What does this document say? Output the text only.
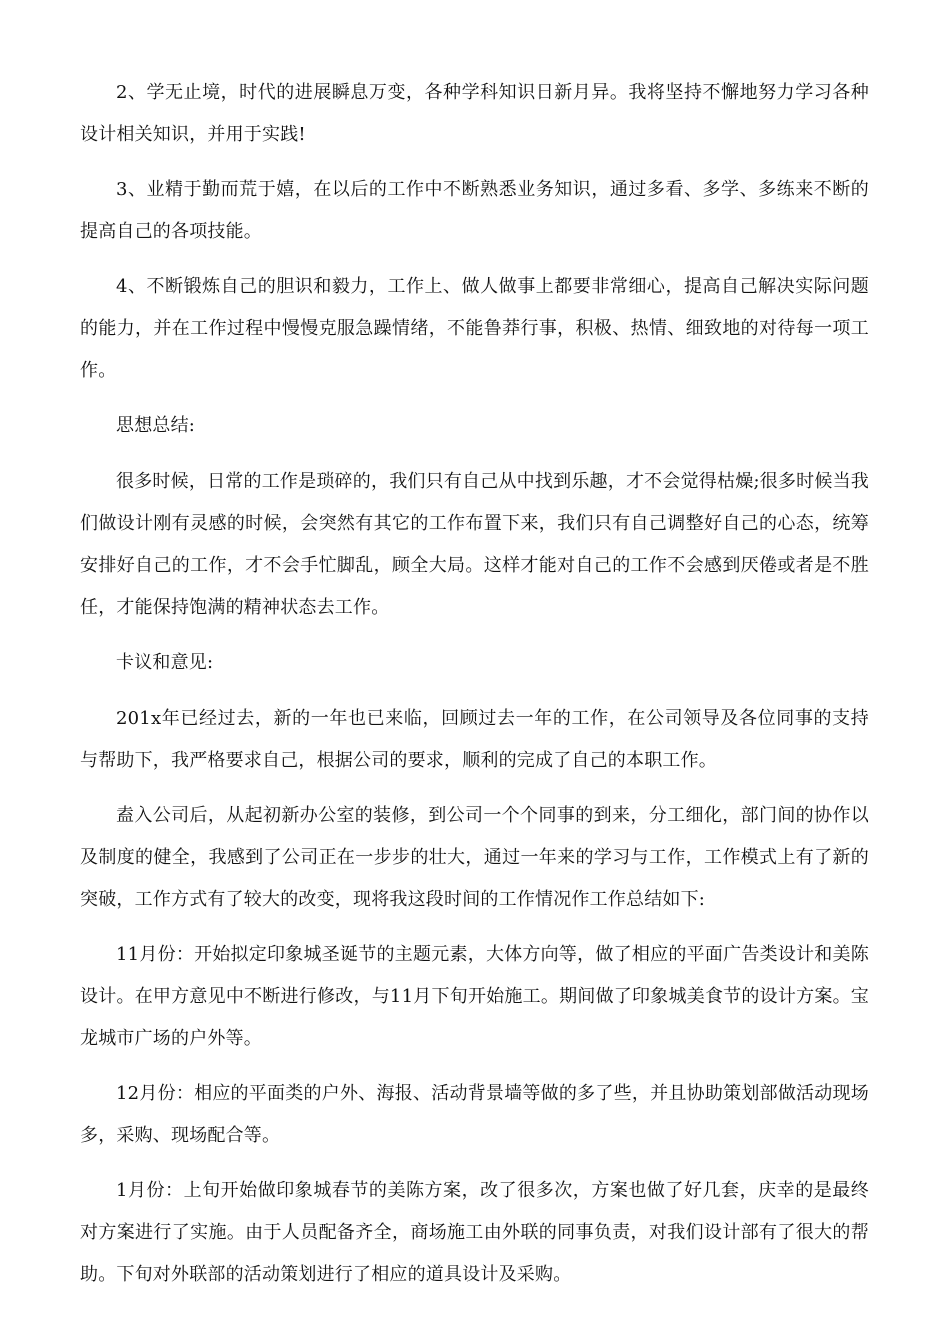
2、学无止境，时代的进展瞬息万变，各种学科知识日新月异。我将坚持不懈地努力学习各种设计相关知识，并用于实践!

3、业精于勤而荒于嬉，在以后的工作中不断熟悉业务知识，通过多看、多学、多练来不断的提高自己的各项技能。

4、不断锻炼自己的胆识和毅力，工作上、做人做事上都要非常细心，提高自己解决实际问题的能力，并在工作过程中慢慢克服急躁情绪，不能鲁莽行事，积极、热情、细致地的对待每一项工作。

思想总结:

很多时候，日常的工作是琐碎的，我们只有自己从中找到乐趣，才不会觉得枯燥;很多时候当我们做设计刚有灵感的时候，会突然有其它的工作布置下来，我们只有自己调整好自己的心态，统筹安排好自己的工作，才不会手忙脚乱，顾全大局。这样才能对自己的工作不会感到厌倦或者是不胜任，才能保持饱满的精神状态去工作。

卡议和意见:

201x年已经过去，新的一年也已来临，回顾过去一年的工作，在公司领导及各位同事的支持与帮助下，我严格要求自己，根据公司的要求，顺利的完成了自己的本职工作。

盍入公司后，从起初新办公室的装修，到公司一个个同事的到来，分工细化，部门间的协作以及制度的健全，我感到了公司正在一步步的壮大，通过一年来的学习与工作，工作模式上有了新的突破，工作方式有了较大的改变，现将我这段时间的工作情况作工作总结如下:

11月份：开始拟定印象城圣诞节的主题元素，大体方向等，做了相应的平面广告类设计和美陈设计。在甲方意见中不断进行修改，与11月下旬开始施工。期间做了印象城美食节的设计方案。宝龙城市广场的户外等。

12月份：相应的平面类的户外、海报、活动背景墙等做的多了些，并且协助策划部做活动现场多，采购、现场配合等。

1月份：上旬开始做印象城春节的美陈方案，改了很多次，方案也做了好几套，庆幸的是最终对方案进行了实施。由于人员配备齐全，商场施工由外联的同事负责，对我们设计部有了很大的帮助。下旬对外联部的活动策划进行了相应的道具设计及采购。
